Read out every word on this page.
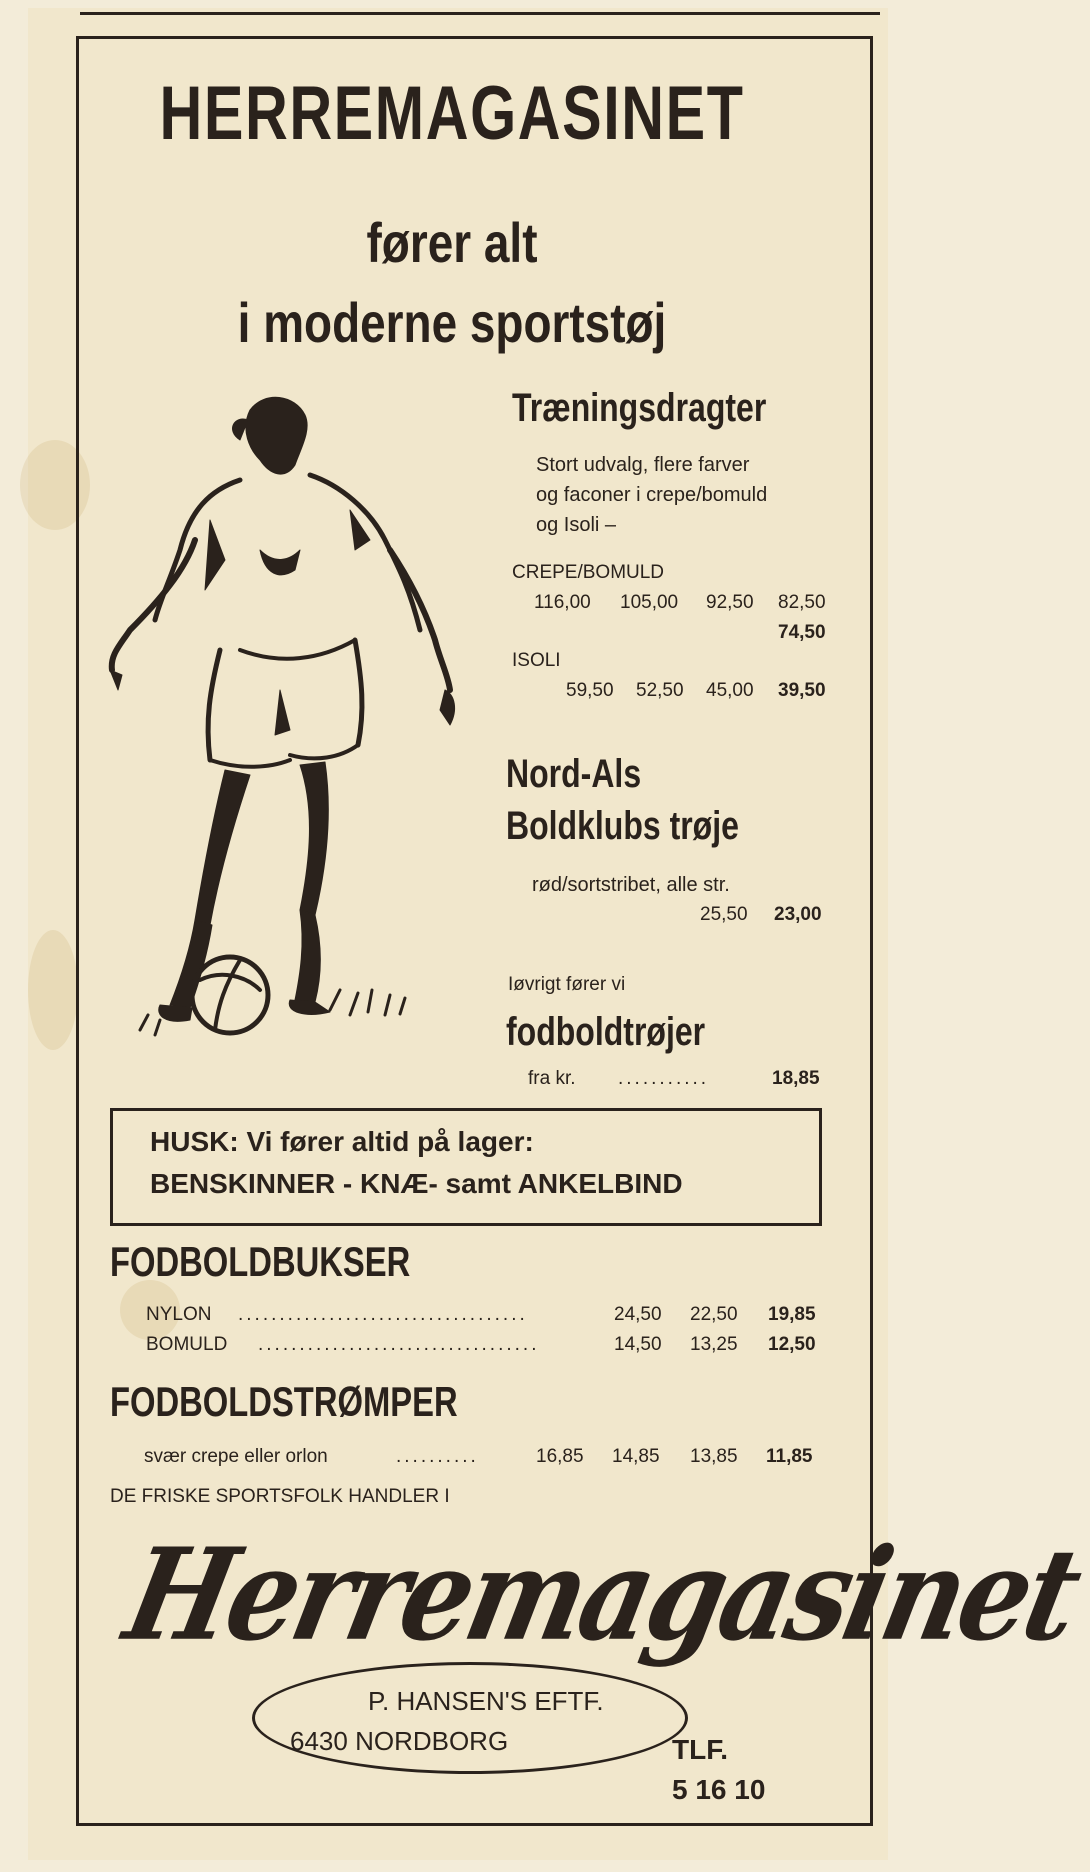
HERREMAGASINET
fører alt
i moderne sportstøj
Træningsdragter
Stort udvalg, flere farver
og faconer i crepe/bomuld
og Isoli –
CREPE/BOMULD
116,00 105,00 92,50 82,50
74,50
ISOLI
59,50 52,50 45,00 39,50
Nord-Als
Boldklubs trøje
rød/sortstribet, alle str.
25,50 23,00
Iøvrigt fører vi
fodboldtrøjer
fra kr. ...........	18,85
HUSK: Vi fører altid på lager:
BENSKINNER - KNÆ- samt ANKELBIND
FODBOLDBUKSER
NYLON ...................................	24,50 22,50 19,85
BOMULD ..................................	14,50 13,25 12,50
FODBOLDSTRØMPER
svær crepe eller orlon	..........	16,85 14,85 13,85 11,85
DE FRISKE SPORTSFOLK HANDLER I
Herremagasinet
P. HANSEN'S EFTF.
6430 NORDBORG	TLF.
5 16 10
